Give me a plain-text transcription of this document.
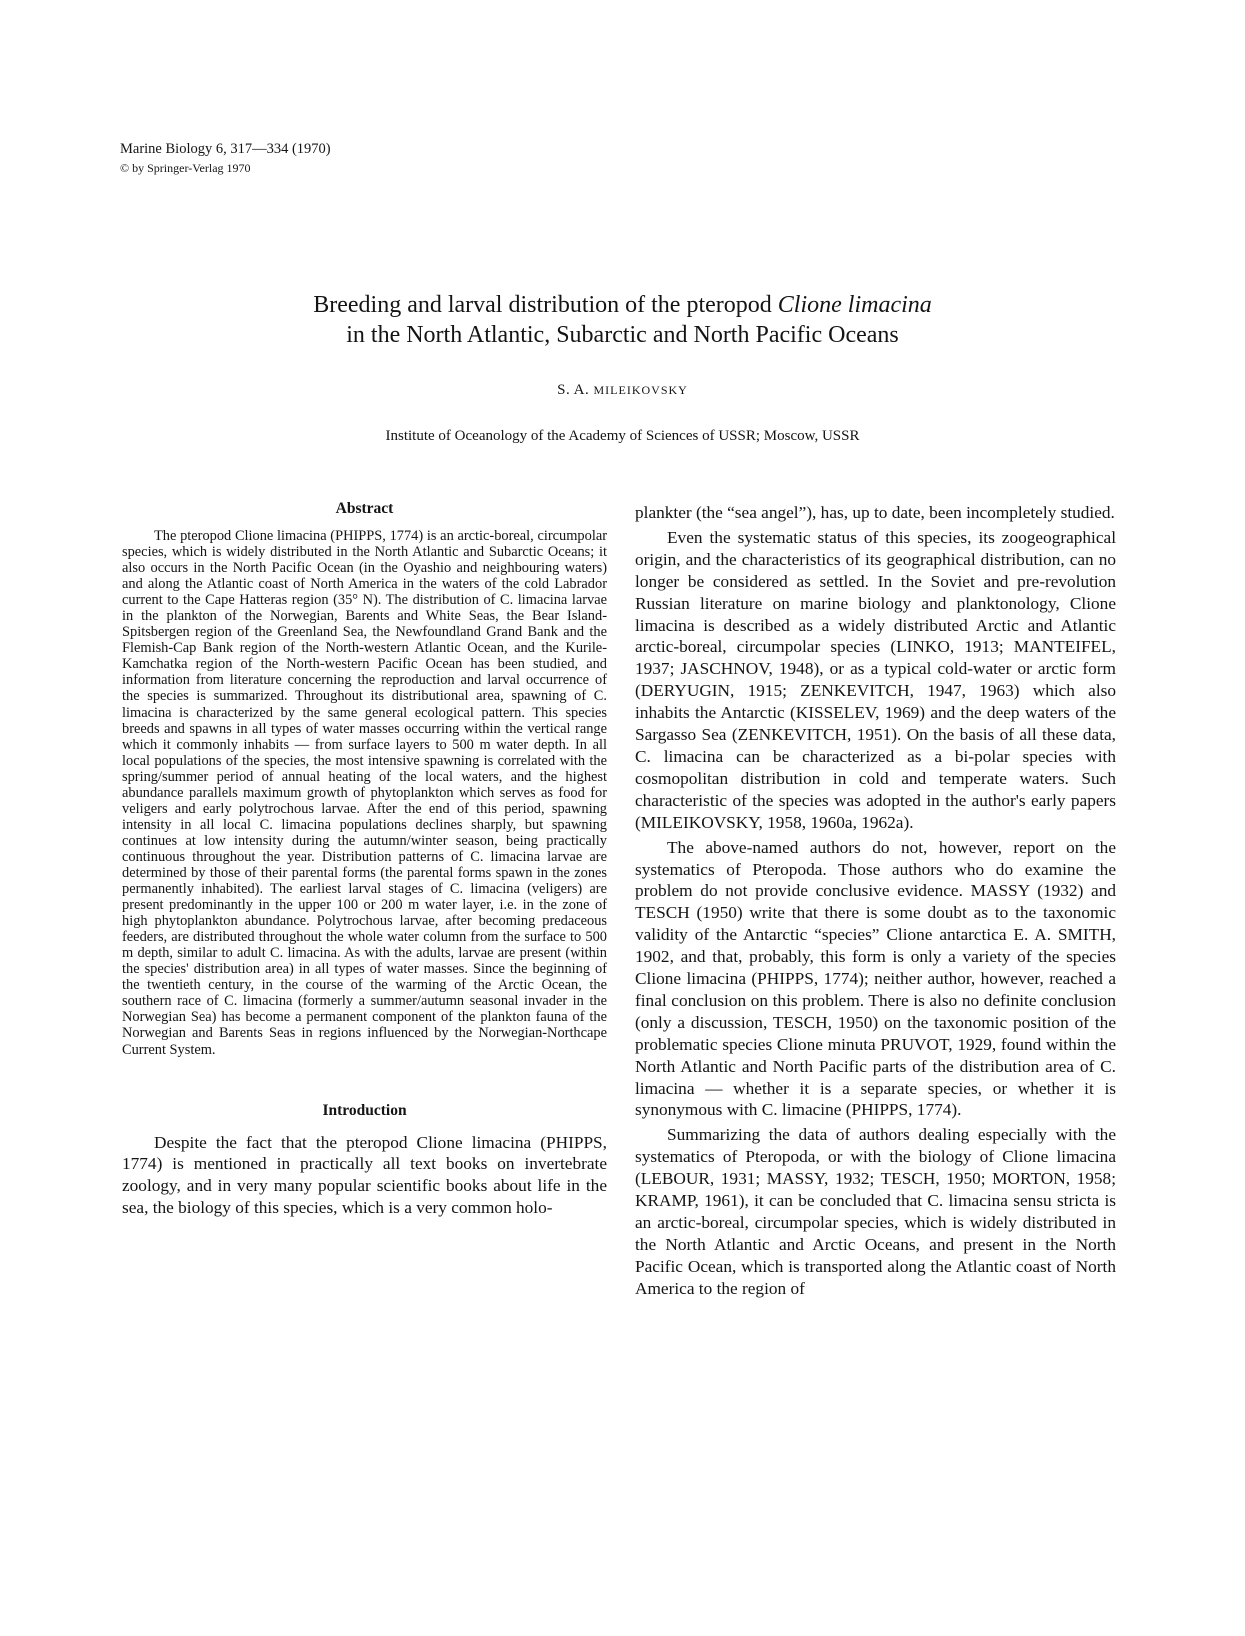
Marine Biology 6, 317—334 (1970)
© by Springer-Verlag 1970
Breeding and larval distribution of the pteropod Clione limacina
in the North Atlantic, Subarctic and North Pacific Oceans
S. A. MILEIKOVSKY
Institute of Oceanology of the Academy of Sciences of USSR; Moscow, USSR
Abstract

The pteropod Clione limacina (PHIPPS, 1774) is an arctic-boreal, circumpolar species, which is widely distributed in the North Atlantic and Subarctic Oceans; it also occurs in the North Pacific Ocean (in the Oyashio and neighbouring waters) and along the Atlantic coast of North America in the waters of the cold Labrador current to the Cape Hatteras region (35° N). The distribution of C. limacina larvae in the plankton of the Norwegian, Barents and White Seas, the Bear Island-Spitsbergen region of the Greenland Sea, the Newfoundland Grand Bank and the Flemish-Cap Bank region of the North-western Atlantic Ocean, and the Kurile-Kamchatka region of the North-western Pacific Ocean has been studied, and information from literature concerning the reproduction and larval occurrence of the species is summarized. Throughout its distributional area, spawning of C. limacina is characterized by the same general ecological pattern. This species breeds and spawns in all types of water masses occurring within the vertical range which it commonly inhabits — from surface layers to 500 m water depth. In all local populations of the species, the most intensive spawning is correlated with the spring/summer period of annual heating of the local waters, and the highest abundance parallels maximum growth of phytoplankton which serves as food for veligers and early polytrochous larvae. After the end of this period, spawning intensity in all local C. limacina populations declines sharply, but spawning continues at low intensity during the autumn/winter season, being practically continuous throughout the year. Distribution patterns of C. limacina larvae are determined by those of their parental forms (the parental forms spawn in the zones permanently inhabited). The earliest larval stages of C. limacina (veligers) are present predominantly in the upper 100 or 200 m water layer, i.e. in the zone of high phytoplankton abundance. Polytrochous larvae, after becoming predaceous feeders, are distributed throughout the whole water column from the surface to 500 m depth, similar to adult C. limacina. As with the adults, larvae are present (within the species' distribution area) in all types of water masses. Since the beginning of the twentieth century, in the course of the warming of the Arctic Ocean, the southern race of C. limacina (formerly a summer/autumn seasonal invader in the Norwegian Sea) has become a permanent component of the plankton fauna of the Norwegian and Barents Seas in regions influenced by the Norwegian-Northcape Current System.

Introduction

Despite the fact that the pteropod Clione limacina (PHIPPS, 1774) is mentioned in practically all text books on invertebrate zoology, and in very many popular scientific books about life in the sea, the biology of this species, which is a very common holo-

plankter (the “sea angel”), has, up to date, been incompletely studied.

Even the systematic status of this species, its zoogeographical origin, and the characteristics of its geographical distribution, can no longer be considered as settled. In the Soviet and pre-revolution Russian literature on marine biology and planktonology, Clione limacina is described as a widely distributed Arctic and Atlantic arctic-boreal, circumpolar species (LINKO, 1913; MANTEIFEL, 1937; JASCHNOV, 1948), or as a typical cold-water or arctic form (DERYUGIN, 1915; ZENKEVITCH, 1947, 1963) which also inhabits the Antarctic (KISSELEV, 1969) and the deep waters of the Sargasso Sea (ZENKEVITCH, 1951). On the basis of all these data, C. limacina can be characterized as a bi-polar species with cosmopolitan distribution in cold and temperate waters. Such characteristic of the species was adopted in the author's early papers (MILEIKOVSKY, 1958, 1960a, 1962a).

The above-named authors do not, however, report on the systematics of Pteropoda. Those authors who do examine the problem do not provide conclusive evidence. MASSY (1932) and TESCH (1950) write that there is some doubt as to the taxonomic validity of the Antarctic “species” Clione antarctica E. A. SMITH, 1902, and that, probably, this form is only a variety of the species Clione limacina (PHIPPS, 1774); neither author, however, reached a final conclusion on this problem. There is also no definite conclusion (only a discussion, TESCH, 1950) on the taxonomic position of the problematic species Clione minuta PRUVOT, 1929, found within the North Atlantic and North Pacific parts of the distribution area of C. limacina — whether it is a separate species, or whether it is synonymous with C. limacine (PHIPPS, 1774).

Summarizing the data of authors dealing especially with the systematics of Pteropoda, or with the biology of Clione limacina (LEBOUR, 1931; MASSY, 1932; TESCH, 1950; MORTON, 1958; KRAMP, 1961), it can be concluded that C. limacina sensu stricta is an arctic-boreal, circumpolar species, which is widely distributed in the North Atlantic and Arctic Oceans, and present in the North Pacific Ocean, which is transported along the Atlantic coast of North America to the region of
